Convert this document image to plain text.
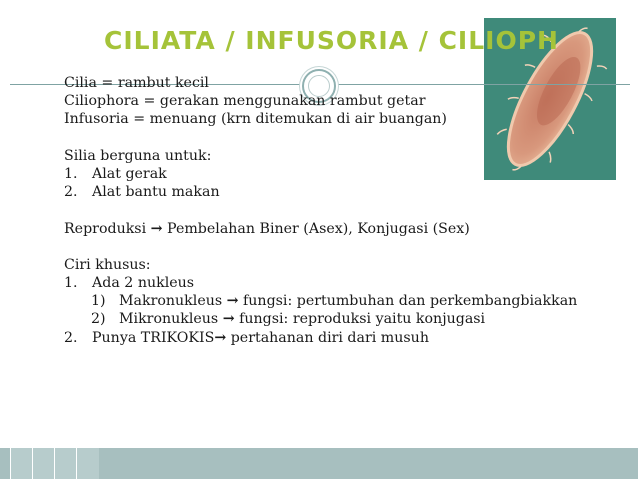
CILIATA / INFUSORIA / CILIOPH
Cilia = rambut kecil
Ciliophora = gerakan menggunakan rambut getar
Infusoria = menuang (krn ditemukan di air buangan)
Silia berguna untuk:
1. Alat gerak
2. Alat bantu makan
Reproduksi → Pembelahan Biner (Asex), Konjugasi (Sex)
Ciri khusus:
1. Ada 2 nukleus
1) Makronukleus → fungsi: pertumbuhan dan perkembangbiakkan
2) Mikronukleus → fungsi: reproduksi yaitu konjugasi
2. Punya TRIKOKIS→ pertahanan diri dari musuh
